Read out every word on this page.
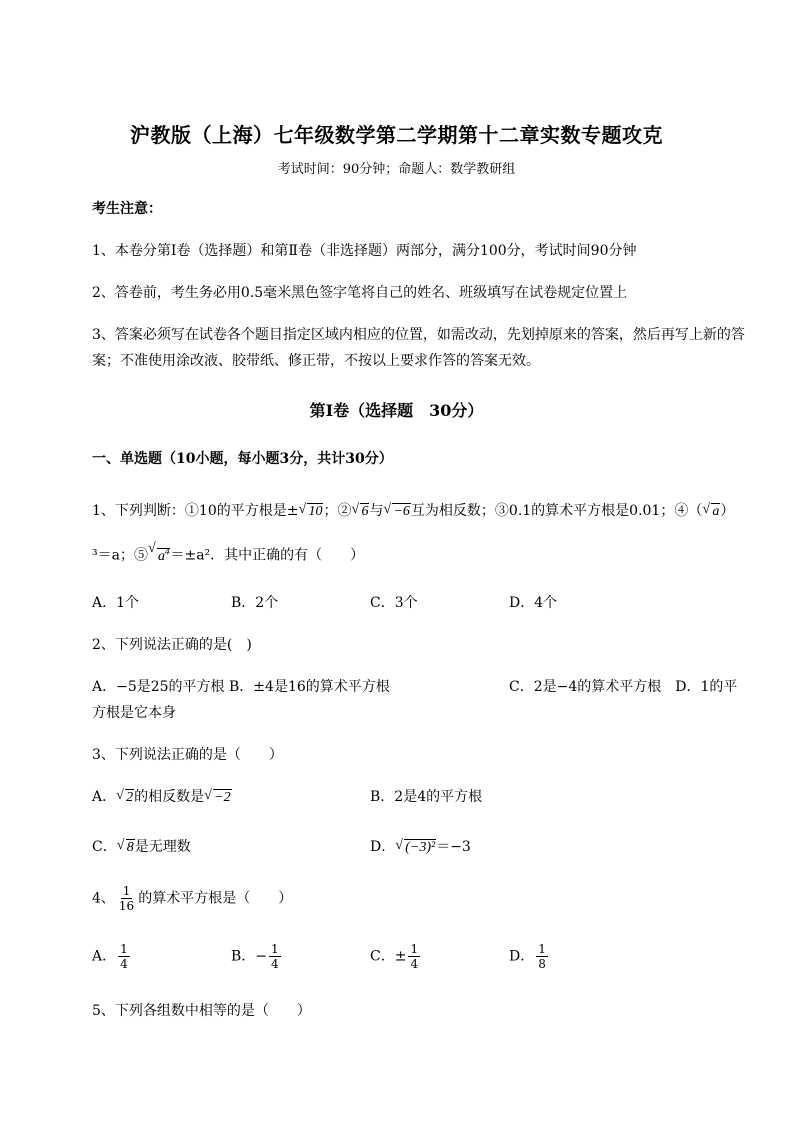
沪教版（上海）七年级数学第二学期第十二章实数专题攻克
考试时间：90分钟；命题人：数学教研组
考生注意：
1、本卷分第I卷（选择题）和第Ⅱ卷（非选择题）两部分，满分100分，考试时间90分钟
2、答卷前，考生务必用0.5毫米黑色签字笔将自己的姓名、班级填写在试卷规定位置上
3、答案必须写在试卷各个题目指定区域内相应的位置，如需改动，先划掉原来的答案，然后再写上新的答案；不准使用涂改液、胶带纸、修正带，不按以上要求作答的答案无效。
第I卷（选择题　30分）
一、单选题（10小题，每小题3分，共计30分）
1、下列判断：①10的平方根是± √ 10；② √ 6与 √ −6互为相反数；③0.1的算术平方根是0.01；④（ √ a）
³＝a；⑤ √ $a^4=\pm a^2$．其中正确的有（　　）
A．1个	B．2个	C．3个	D．4个
2、下列说法正确的是(　)
A．−5是25的平方根 B．±4是16的算术平方根	C．2是−4的算术平方根　D．1的平
方根是它本身
3、下列说法正确的是（　　）
A． √ 2的相反数是 √ −2	B．2是4的平方根
C． √ 8是无理数	D． √ (−3)²＝−3
4、 $\frac{1}{16}$ 的算术平方根是（　　）
A． $\frac{1}{4}$	B．− $\frac{1}{4}$	C．± $\frac{1}{4}$	D． $\frac{1}{8}$
5、下列各组数中相等的是（　　）
